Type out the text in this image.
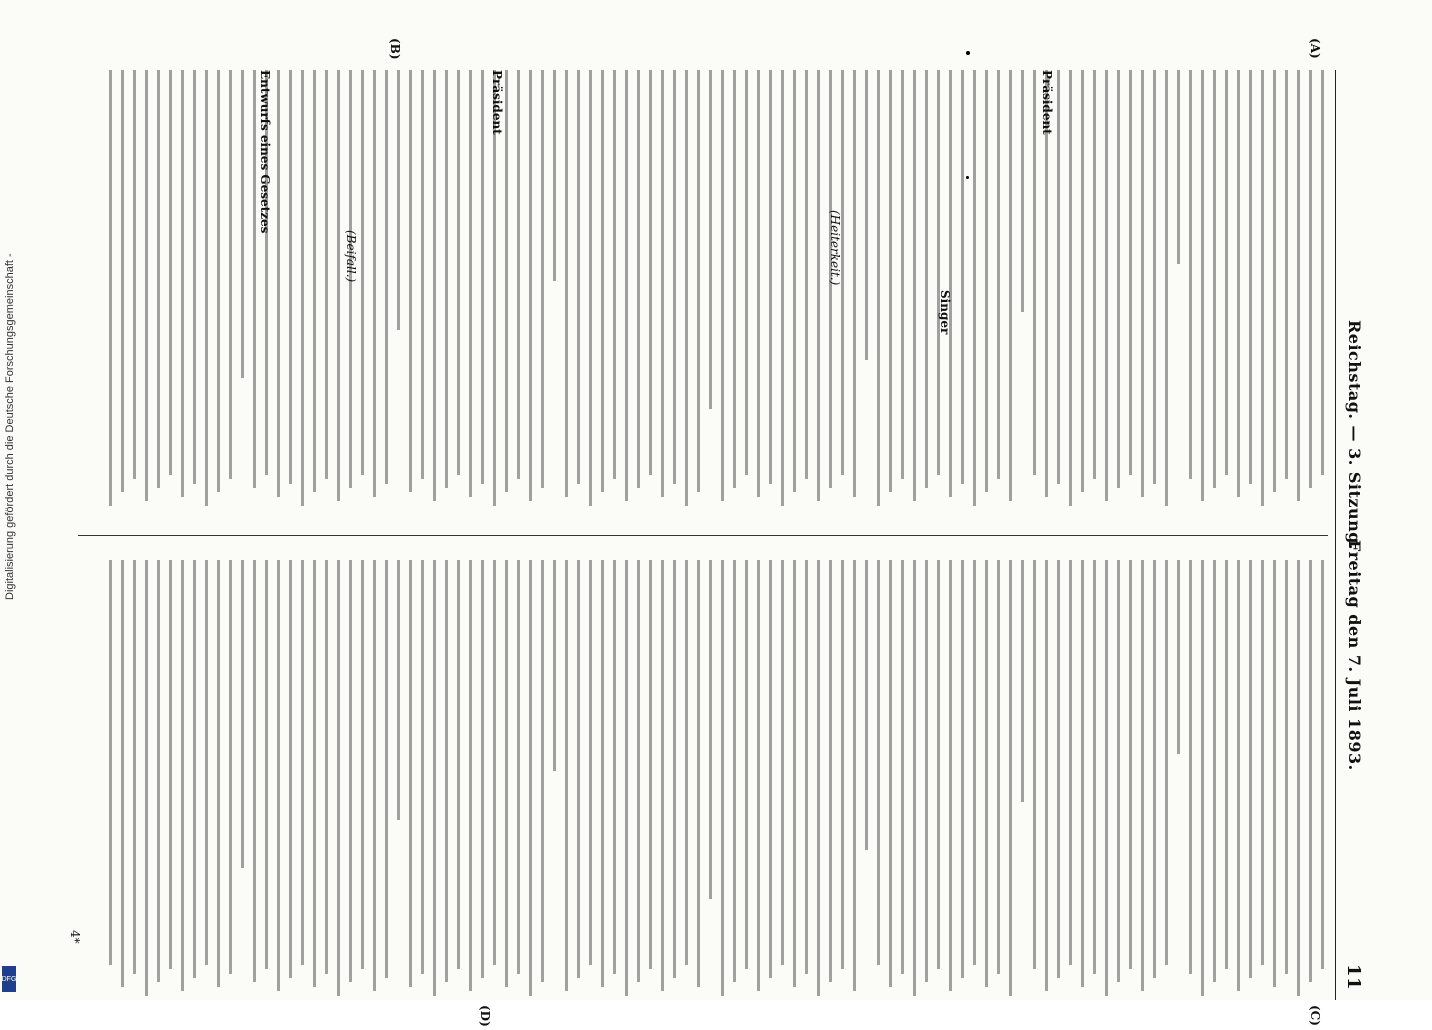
Reichstag. — 3. Sitzung.
Freitag den 7. Juli 1893.
11
(A)
(B)
(C)
(D)
Präsident
(Heiterkeit.)
Präsident
(Beifall.)
Singer
Entwurfs eines Gesetzes
4*
Digitalisierung gefördert durch die Deutsche Forschungsgemeinschaft -
DFG
